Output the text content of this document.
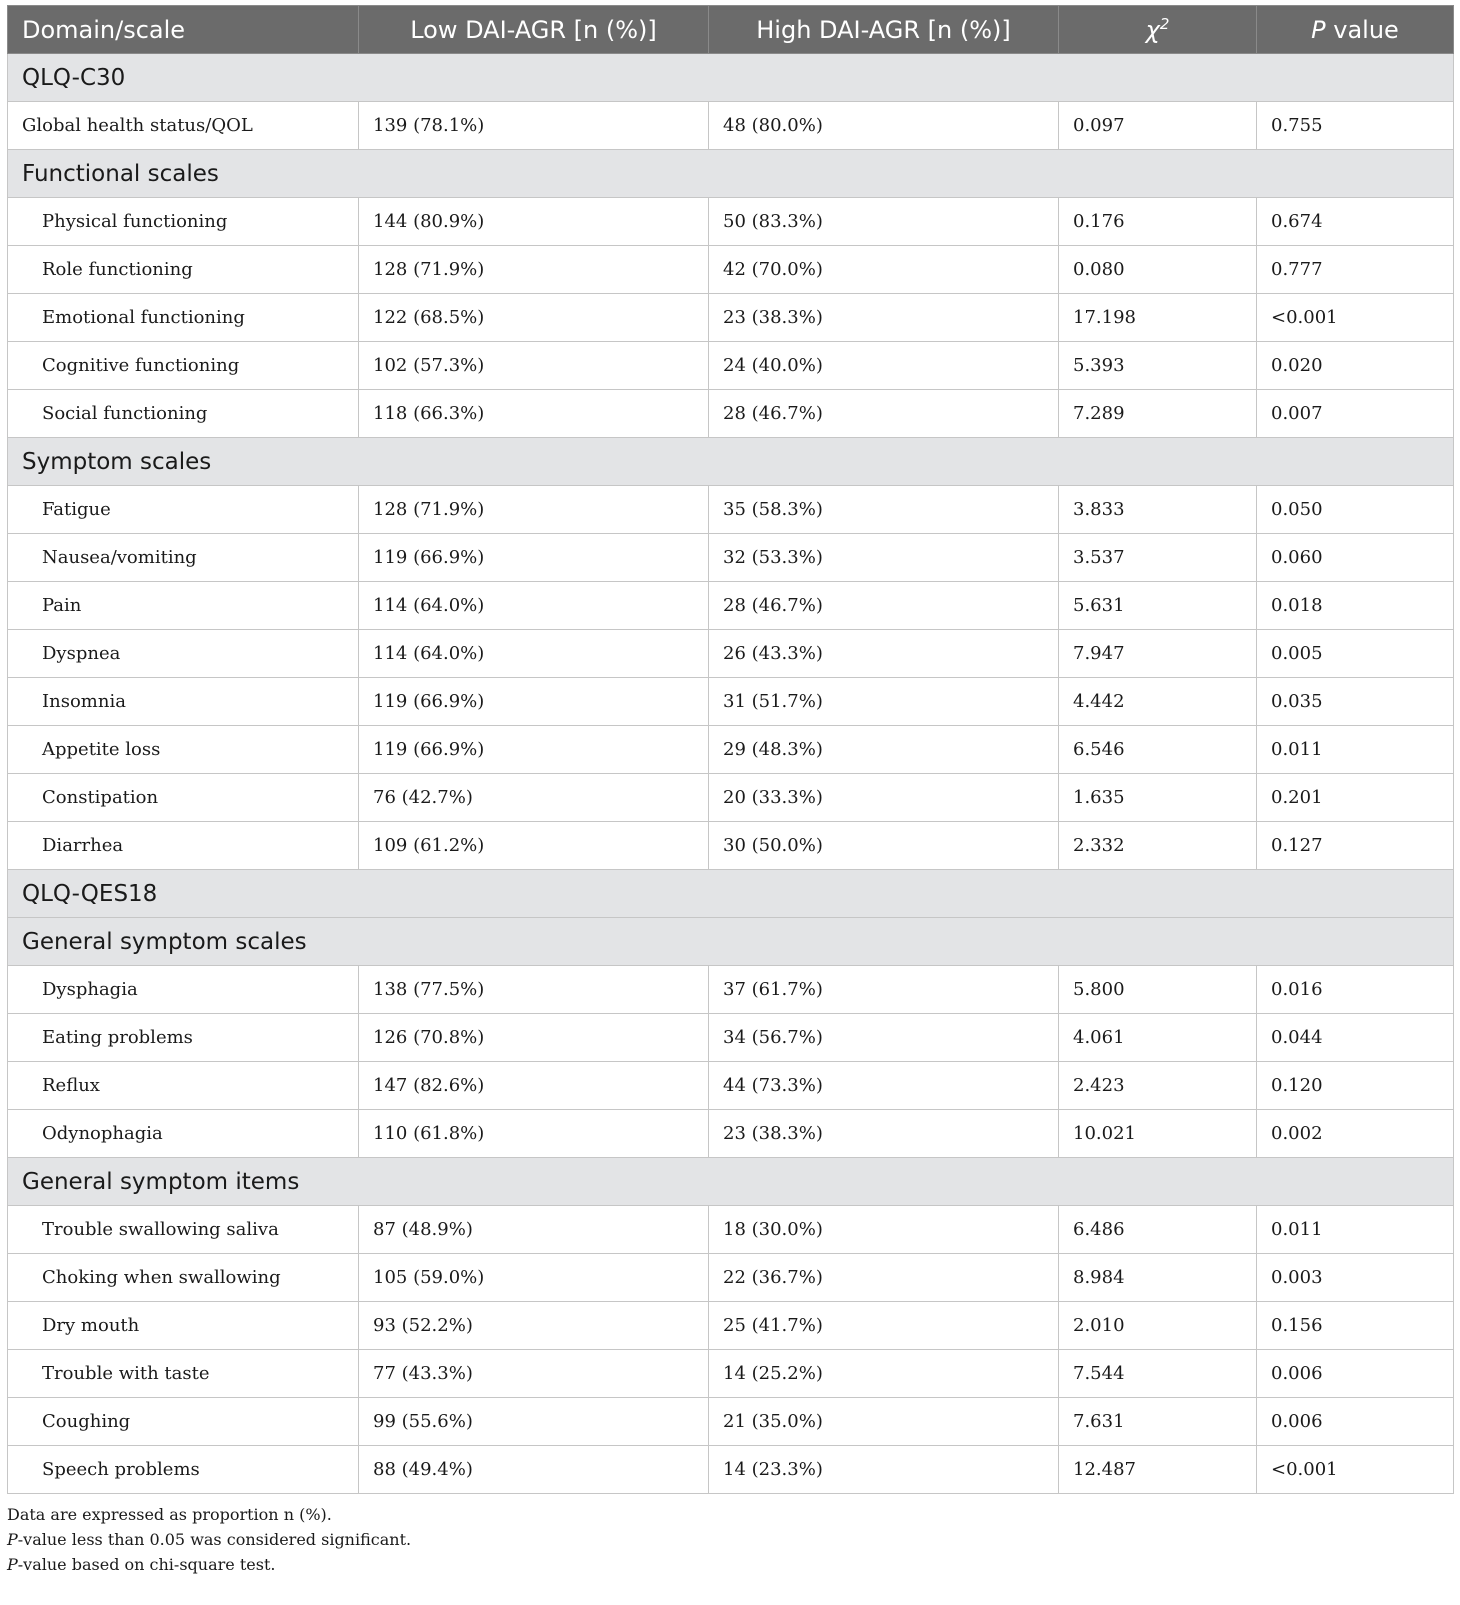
Domain/scale	Low DAI-AGR [n (%)]	High DAI-AGR [n (%)]	$\chi^2$	P value
QLQ-C30				
Global health status/QOL	139 (78.1%)	48 (80.0%)	0.097	0.755
Functional scales				
Physical functioning	144 (80.9%)	50 (83.3%)	0.176	0.674
Role functioning	128 (71.9%)	42 (70.0%)	0.080	0.777
Emotional functioning	122 (68.5%)	23 (38.3%)	17.198	<0.001
Cognitive functioning	102 (57.3%)	24 (40.0%)	5.393	0.020
Social functioning	118 (66.3%)	28 (46.7%)	7.289	0.007
Symptom scales				
Fatigue	128 (71.9%)	35 (58.3%)	3.833	0.050
Nausea/vomiting	119 (66.9%)	32 (53.3%)	3.537	0.060
Pain	114 (64.0%)	28 (46.7%)	5.631	0.018
Dyspnea	114 (64.0%)	26 (43.3%)	7.947	0.005
Insomnia	119 (66.9%)	31 (51.7%)	4.442	0.035
Appetite loss	119 (66.9%)	29 (48.3%)	6.546	0.011
Constipation	76 (42.7%)	20 (33.3%)	1.635	0.201
Diarrhea	109 (61.2%)	30 (50.0%)	2.332	0.127
QLQ-QES18				
General symptom scales				
Dysphagia	138 (77.5%)	37 (61.7%)	5.800	0.016
Eating problems	126 (70.8%)	34 (56.7%)	4.061	0.044
Reflux	147 (82.6%)	44 (73.3%)	2.423	0.120
Odynophagia	110 (61.8%)	23 (38.3%)	10.021	0.002
General symptom items				
Trouble swallowing saliva	87 (48.9%)	18 (30.0%)	6.486	0.011
Choking when swallowing	105 (59.0%)	22 (36.7%)	8.984	0.003
Dry mouth	93 (52.2%)	25 (41.7%)	2.010	0.156
Trouble with taste	77 (43.3%)	14 (25.2%)	7.544	0.006
Coughing	99 (55.6%)	21 (35.0%)	7.631	0.006
Speech problems	88 (49.4%)	14 (23.3%)	12.487	<0.001
Data are expressed as proportion n (%).
P-value less than 0.05 was considered significant.
P-value based on chi-square test.
